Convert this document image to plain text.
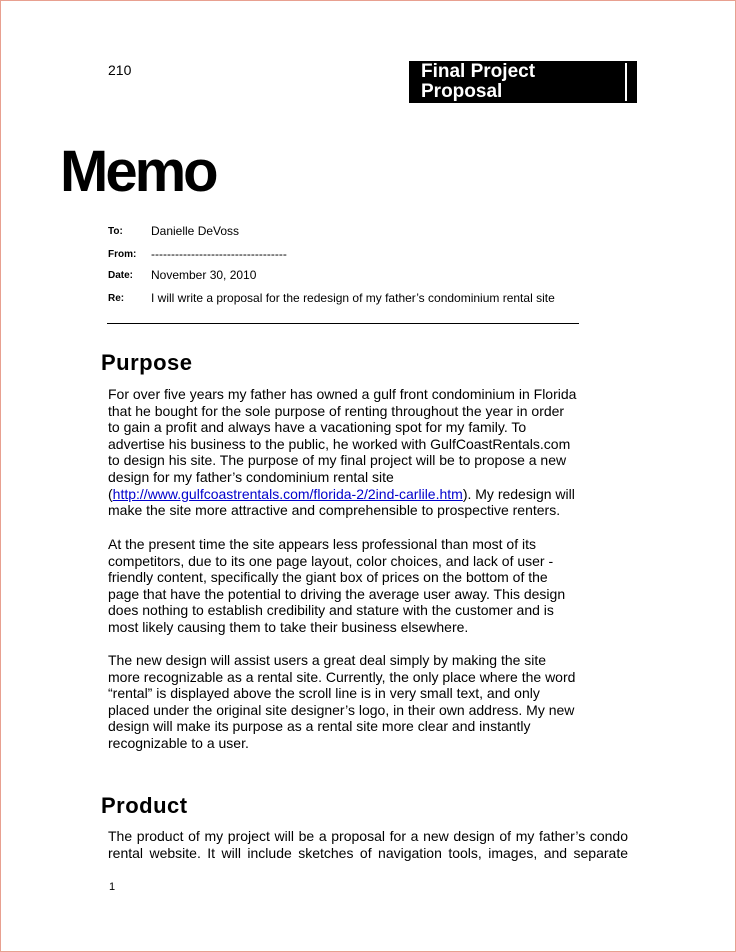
210	Final Project
Proposal
Memo
To: Danielle DeVoss
From: ----------------------------------
Date: November 30, 2010
Re: I will write a proposal for the redesign of my father’s condominium rental site
Purpose

For over five years my father has owned a gulf front condominium in Florida that he bought for the sole purpose of renting throughout the year in order to gain a profit and always have a vacationing spot for my family. To advertise his business to the public, he worked with GulfCoastRentals.com to design his site. The purpose of my final project will be to propose a new design for my father’s condominium rental site (http://www.gulfcoastrentals.com/florida-2/2ind-carlile.htm). My redesign will make the site more attractive and comprehensible to prospective renters.

At the present time the site appears less professional than most of its competitors, due to its one page layout, color choices, and lack of user - friendly content, specifically the giant box of prices on the bottom of the page that have the potential to driving the average user away. This design does nothing to establish credibility and stature with the customer and is most likely causing them to take their business elsewhere.

The new design will assist users a great deal simply by making the site more recognizable as a rental site. Currently, the only place where the word “rental” is displayed above the scroll line is in very small text, and only placed under the original site designer’s logo, in their own address. My new design will make its purpose as a rental site more clear and instantly recognizable to a user.

Product

The product of my project will be a proposal for a new design of my father’s condo

rental website. It will include sketches of navigation tools, images, and separate

1
